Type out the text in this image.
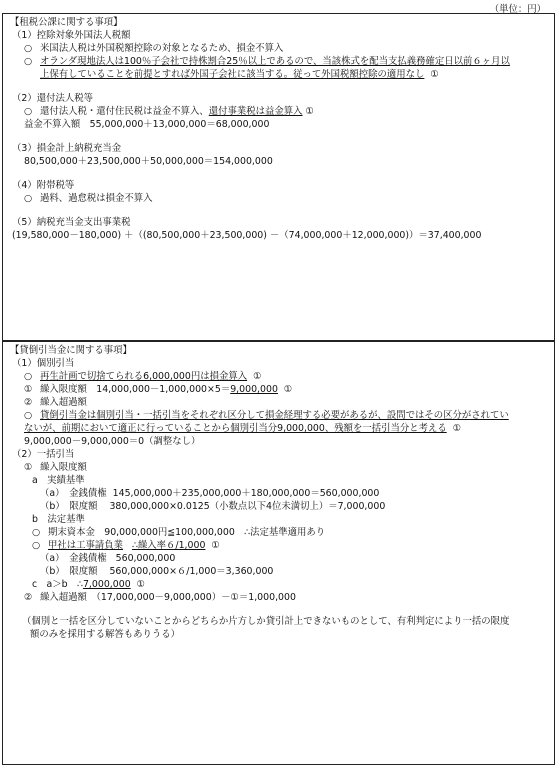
（単位：円）
【租税公課に関する事項】
（1）控除対象外国法人税額
○ 米国法人税は外国税額控除の対象となるため、損金不算入
○ オランダ現地法人は100％子会社で持株割合25％以上であるので、当該株式を配当支払義務確定日以前６ヶ月以
上保有していることを前提とすれば外国子会社に該当する。従って外国税額控除の適用なし ①
（2）還付法人税等
○ 還付法人税・還付住民税は益金不算入、還付事業税は益金算入 ①
益金不算入額　55,000,000＋13,000,000＝68,000,000
（3）損金計上納税充当金
80,500,000＋23,500,000＋50,000,000＝154,000,000
（4）附帯税等
○ 過料、過怠税は損金不算入
（5）納税充当金支出事業税
(19,580,000－180,000) ＋（(80,500,000＋23,500,000) －（74,000,000＋12,000,000)）＝37,400,000
【貸倒引当金に関する事項】
（1）個別引当
○ 再生計画で切捨てられる6,000,000円は損金算入 ①
① 繰入限度額　14,000,000－1,000,000×5＝9,000,000 ①
② 繰入超過額
○ 貸倒引当金は個別引当・一括引当をそれぞれ区分して損金経理する必要があるが、設問ではその区分がされてい
ないが、前期において適正に行っていることから個別引当分9,000,000、残額を一括引当分と考える ①
9,000,000－9,000,000＝0（調整なし）
（2）一括引当
① 繰入限度額
a　実績基準
（a）　金銭債権 145,000,000＋235,000,000＋180,000,000＝560,000,000
（b）　限度額 380,000,000×0.0125（小数点以下4位未満切上）＝7,000,000
b　法定基準
○ 期末資本金　90,000,000円≦100,000,000　∴法定基準適用あり
○ 甲社は工事請負業 ∴繰入率６/1,000 ①
（a）　金銭債権 560,000,000
（b）　限度額 560,000,000×６/1,000＝3,360,000
c　a＞b　∴7,000,000 ①
② 繰入超過額　（17,000,000－9,000,000）－①＝1,000,000
（個別と一括を区分していないことからどちらか片方しか貸引計上できないものとして、有利判定により一括の限度
額のみを採用する解答もありうる）
